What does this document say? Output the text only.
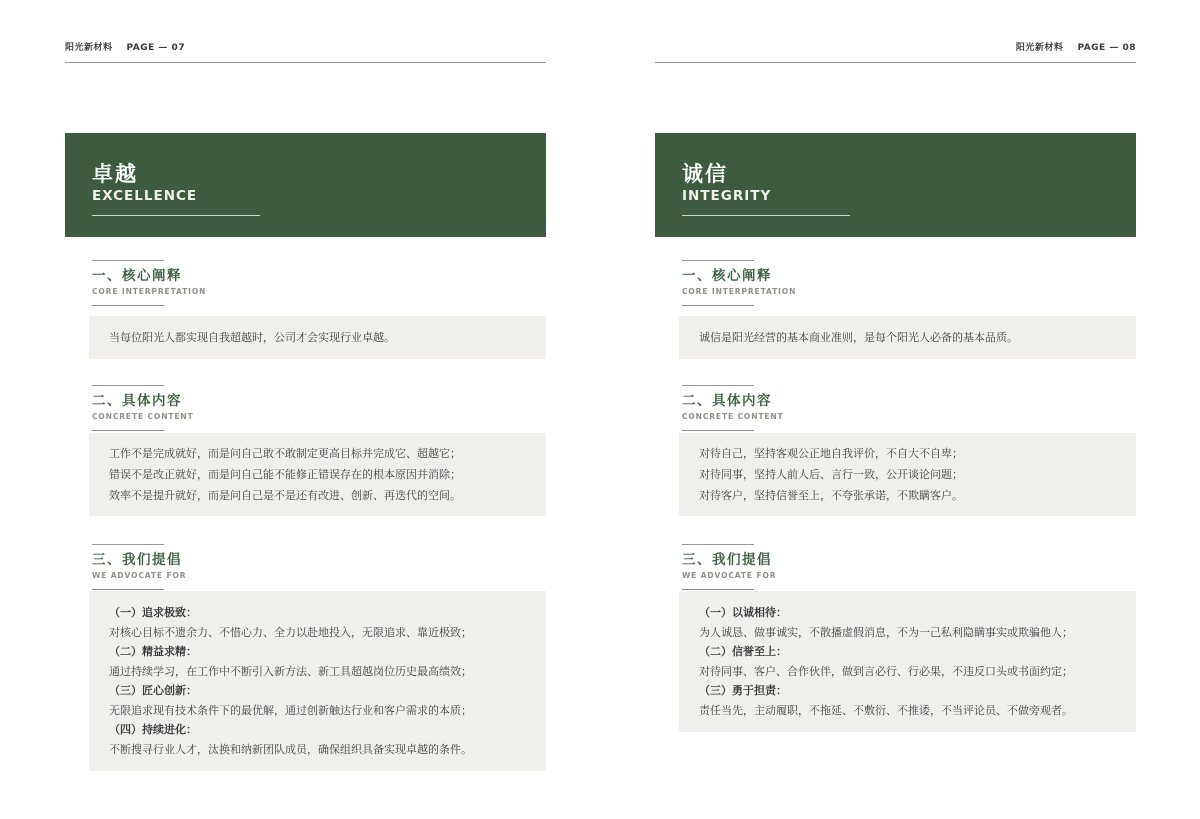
阳光新材料 PAGE — 07
卓越
EXCELLENCE
一、核心阐释
CORE INTERPRETATION
当每位阳光人都实现自我超越时，公司才会实现行业卓越。
二、具体内容
CONCRETE CONTENT
工作不是完成就好，而是问自己敢不敢制定更高目标并完成它、超越它；
错误不是改正就好，而是问自己能不能修正错误存在的根本原因并消除；
效率不是提升就好，而是问自己是不是还有改进、创新、再迭代的空间。
三、我们提倡
WE ADVOCATE FOR
（一）追求极致：
对核心目标不遗余力、不惜心力、全力以赴地投入，无限追求、靠近极致；
（二）精益求精：
通过持续学习，在工作中不断引入新方法、新工具超越岗位历史最高绩效；
（三）匠心创新：
无限追求现有技术条件下的最优解，通过创新触达行业和客户需求的本质；
（四）持续进化：
不断搜寻行业人才，汰换和纳新团队成员，确保组织具备实现卓越的条件。
阳光新材料 PAGE — 08
诚信
INTEGRITY
一、核心阐释
CORE INTERPRETATION
诚信是阳光经营的基本商业准则，是每个阳光人必备的基本品质。
二、具体内容
CONCRETE CONTENT
对待自己，坚持客观公正地自我评价，不自大不自卑；
对待同事，坚持人前人后、言行一致，公开谈论问题；
对待客户，坚持信誉至上，不夸张承诺，不欺瞒客户。
三、我们提倡
WE ADVOCATE FOR
（一）以诚相待：
为人诚恳、做事诚实，不散播虚假消息，不为一己私利隐瞒事实或欺骗他人；
（二）信誉至上：
对待同事、客户、合作伙伴，做到言必行、行必果，不违反口头或书面约定；
（三）勇于担责：
责任当先，主动履职，不拖延、不敷衍、不推诿，不当评论员、不做旁观者。
